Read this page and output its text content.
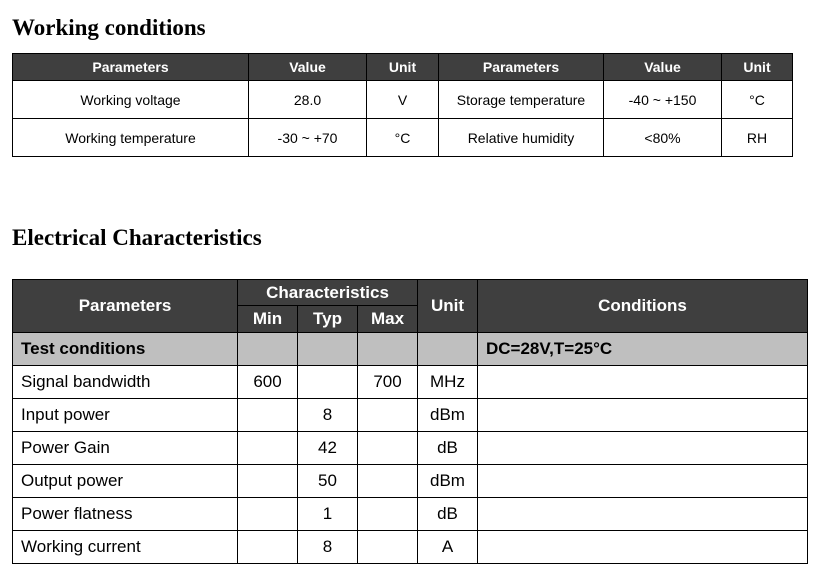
Working conditions
Parameters	Value	Unit	Parameters	Value	Unit
Working voltage	28.0	V	Storage temperature	-40 ~ +150	°C
Working temperature	-30 ~ +70	°C	Relative humidity	<80%	RH
Electrical Characteristics
Parameters	Characteristics			Unit	Conditions
	Min	Typ	Max		
Test conditions					DC=28V,T=25°C
Signal bandwidth	600		700	MHz	
Input power		8		dBm	
Power Gain		42		dB	
Output power		50		dBm	
Power flatness		1		dB	
Working current		8		A	
